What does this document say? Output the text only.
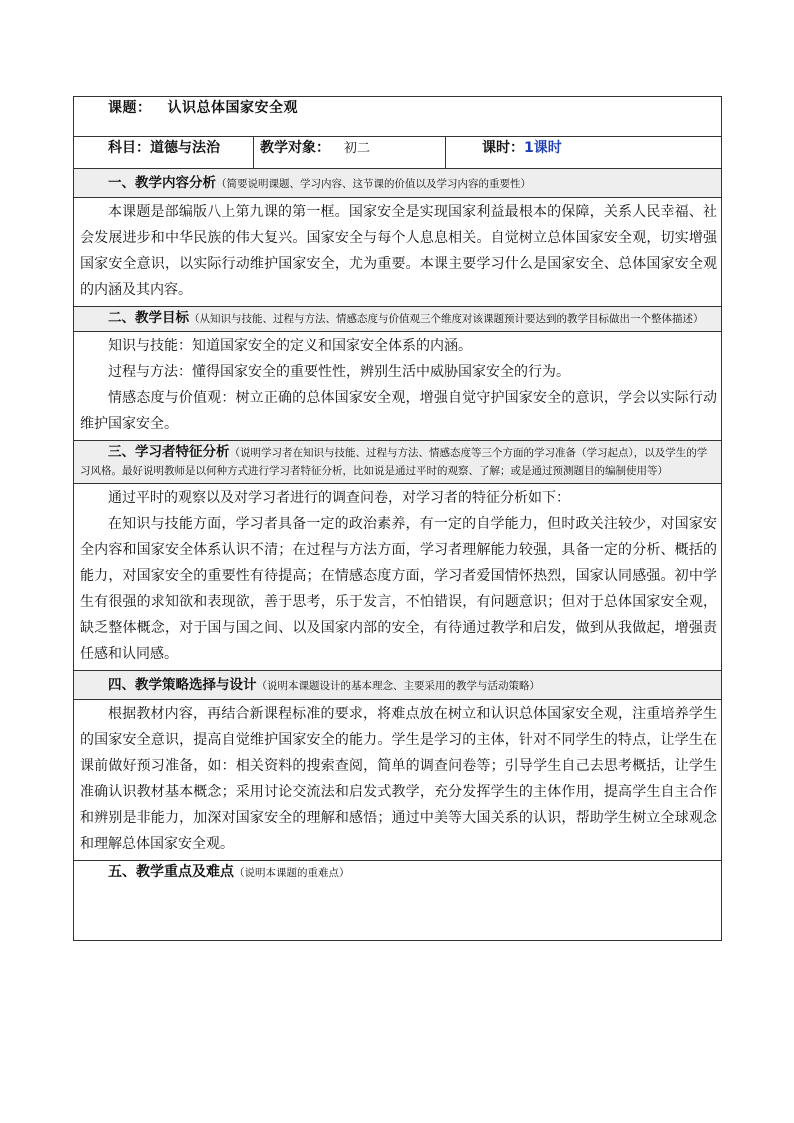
课题： 认识总体国家安全观
科目：道德与法治	教学对象： 初二	课时：1课时
一、教学内容分析（简要说明课题、学习内容、这节课的价值以及学习内容的重要性）

本课题是部编版八上第九课的第一框。国家安全是实现国家利益最根本的保障，关系人民幸福、社会发展进步和中华民族的伟大复兴。国家安全与每个人息息相关。自觉树立总体国家安全观，切实增强国家安全意识，以实际行动维护国家安全，尤为重要。本课主要学习什么是国家安全、总体国家安全观的内涵及其内容。

二、教学目标（从知识与技能、过程与方法、情感态度与价值观三个维度对该课题预计要达到的教学目标做出一个整体描述）

知识与技能：知道国家安全的定义和国家安全体系的内涵。

过程与方法：懂得国家安全的重要性性，辨别生活中威胁国家安全的行为。

情感态度与价值观：树立正确的总体国家安全观，增强自觉守护国家安全的意识，学会以实际行动维护国家安全。

三、学习者特征分析（说明学习者在知识与技能、过程与方法、情感态度等三个方面的学习准备（学习起点），以及学生的学习风格。最好说明教师是以何种方式进行学习者特征分析，比如说是通过平时的观察、了解；或是通过预测题目的编制使用等）

通过平时的观察以及对学习者进行的调查问卷，对学习者的特征分析如下：

在知识与技能方面，学习者具备一定的政治素养，有一定的自学能力，但时政关注较少，对国家安全内容和国家安全体系认识不清；在过程与方法方面，学习者理解能力较强，具备一定的分析、概括的能力，对国家安全的重要性有待提高；在情感态度方面，学习者爱国情怀热烈，国家认同感强。初中学生有很强的求知欲和表现欲，善于思考，乐于发言，不怕错误，有问题意识；但对于总体国家安全观，缺乏整体概念，对于国与国之间、以及国家内部的安全，有待通过教学和启发，做到从我做起，增强责任感和认同感。

四、教学策略选择与设计（说明本课题设计的基本理念、主要采用的教学与活动策略）

根据教材内容，再结合新课程标准的要求，将难点放在树立和认识总体国家安全观，注重培养学生的国家安全意识，提高自觉维护国家安全的能力。学生是学习的主体，针对不同学生的特点，让学生在课前做好预习准备，如：相关资料的搜索查阅，简单的调查问卷等；引导学生自己去思考概括，让学生准确认识教材基本概念；采用讨论交流法和启发式教学，充分发挥学生的主体作用，提高学生自主合作和辨别是非能力，加深对国家安全的理解和感悟；通过中美等大国关系的认识，帮助学生树立全球观念和理解总体国家安全观。

五、教学重点及难点（说明本课题的重难点）
